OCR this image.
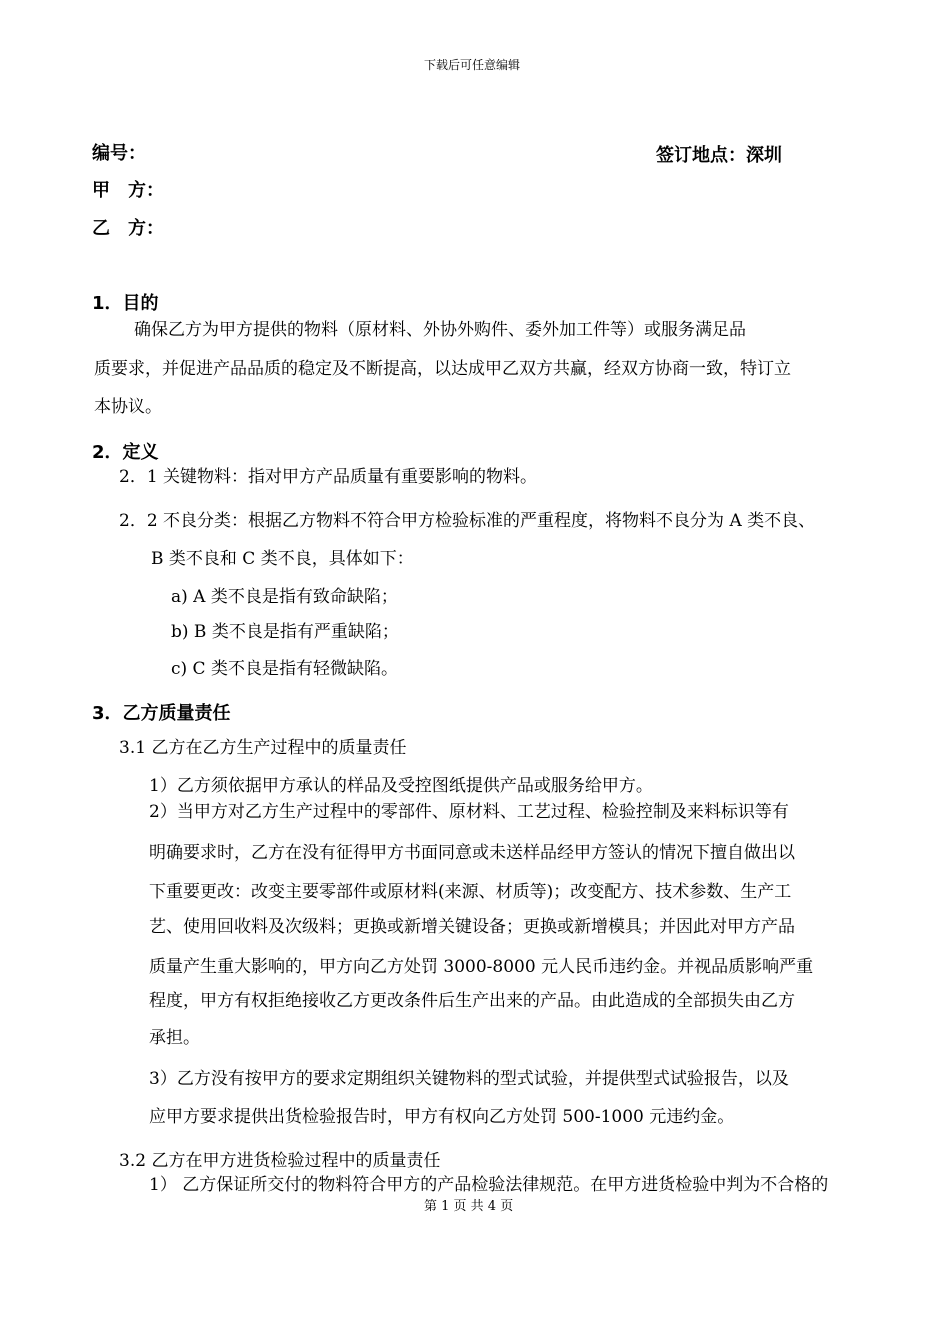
下载后可任意编辑
编号：	签订地点：深圳
甲　方：
乙　方：
1．目的
确保乙方为甲方提供的物料（原材料、外协外购件、委外加工件等）或服务满足品
质要求，并促进产品品质的稳定及不断提高，以达成甲乙双方共赢，经双方协商一致，特订立
本协议。
2．定义
2．1 关键物料：指对甲方产品质量有重要影响的物料。
2．2 不良分类：根据乙方物料不符合甲方检验标准的严重程度，将物料不良分为 A 类不良、
B 类不良和 C 类不良，具体如下：
a) A 类不良是指有致命缺陷；
b) B 类不良是指有严重缺陷；
c) C 类不良是指有轻微缺陷。
3．乙方质量责任
3.1 乙方在乙方生产过程中的质量责任
1）乙方须依据甲方承认的样品及受控图纸提供产品或服务给甲方。
2）当甲方对乙方生产过程中的零部件、原材料、工艺过程、检验控制及来料标识等有
明确要求时，乙方在没有征得甲方书面同意或未送样品经甲方签认的情况下擅自做出以
下重要更改：改变主要零部件或原材料(来源、材质等)；改变配方、技术参数、生产工
艺、使用回收料及次级料；更换或新增关键设备；更换或新增模具；并因此对甲方产品
质量产生重大影响的，甲方向乙方处罚 3000-8000 元人民币违约金。并视品质影响严重
程度，甲方有权拒绝接收乙方更改条件后生产出来的产品。由此造成的全部损失由乙方
承担。
3）乙方没有按甲方的要求定期组织关键物料的型式试验，并提供型式试验报告，以及
应甲方要求提供出货检验报告时，甲方有权向乙方处罚 500-1000 元违约金。
3.2 乙方在甲方进货检验过程中的质量责任
1） 乙方保证所交付的物料符合甲方的产品检验法律规范。在甲方进货检验中判为不合格的
第 1 页 共 4 页
